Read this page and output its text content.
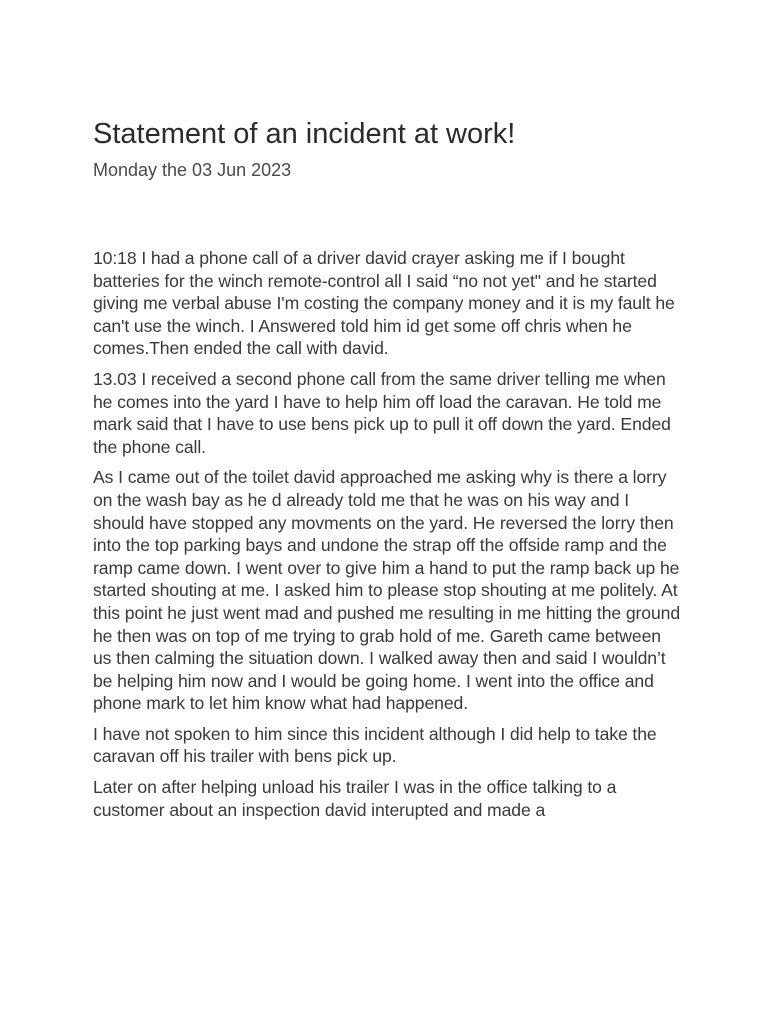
Statement of an incident at work!
Monday the 03 Jun 2023

10:18 I had a phone call of a driver david crayer asking me if I bought batteries for the winch remote-control all I said “no not yet" and he started giving me verbal abuse I'm costing the company money and it is my fault he can't use the winch. I Answered told him id get some off chris when he comes.Then ended the call with david.

13.03 I received a second phone call from the same driver telling me when he comes into the yard I have to help him off load the caravan. He told me mark said that I have to use bens pick up to pull it off down the yard. Ended the phone call.

As I came out of the toilet david approached me asking why is there a lorry on the wash bay as he d already told me that he was on his way and I should have stopped any movments on the yard. He reversed the lorry then into the top parking bays and undone the strap off the offside ramp and the ramp came down. I went over to give him a hand to put the ramp back up he started shouting at me. I asked him to please stop shouting at me politely. At this point he just went mad and pushed me resulting in me hitting the ground he then was on top of me trying to grab hold of me. Gareth came between us then calming the situation down. I walked away then and said I wouldn’t be helping him now and I would be going home. I went into the office and phone mark to let him know what had happened.

I have not spoken to him since this incident although I did help to take the caravan off his trailer with bens pick up.

Later on after helping unload his trailer I was in the office talking to a customer about an inspection david interupted and made a
